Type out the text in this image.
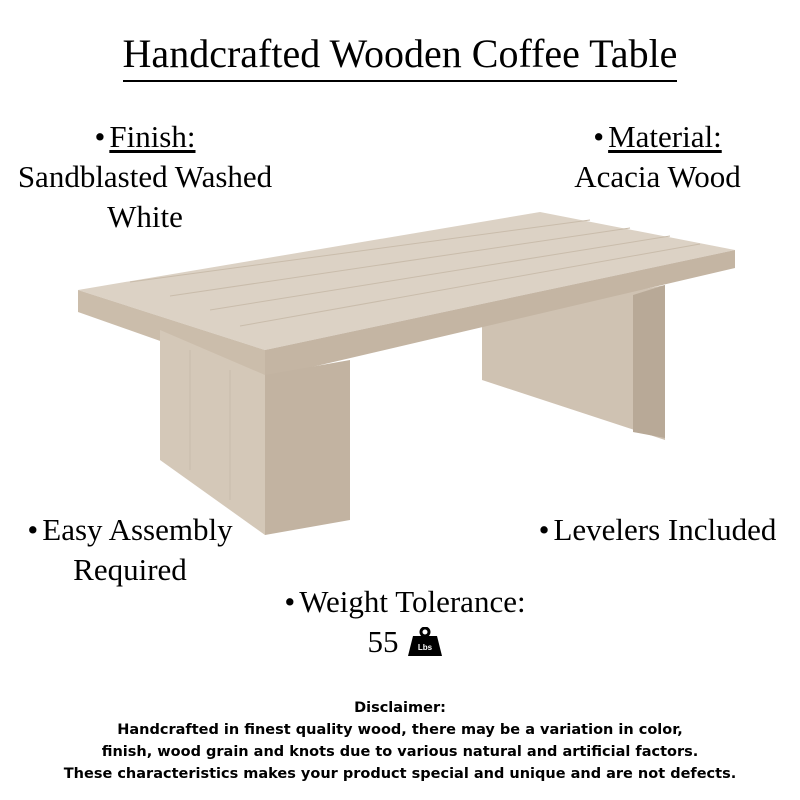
Handcrafted Wooden Coffee Table
• Finish:
Sandblasted Washed
White
• Material:
Acacia Wood
• Easy Assembly
Required
• Levelers Included
• Weight Tolerance:
55 Lbs
Disclaimer:
Handcrafted in finest quality wood, there may be a variation in color,
finish, wood grain and knots due to various natural and artificial factors.
These characteristics makes your product special and unique and are not defects.
